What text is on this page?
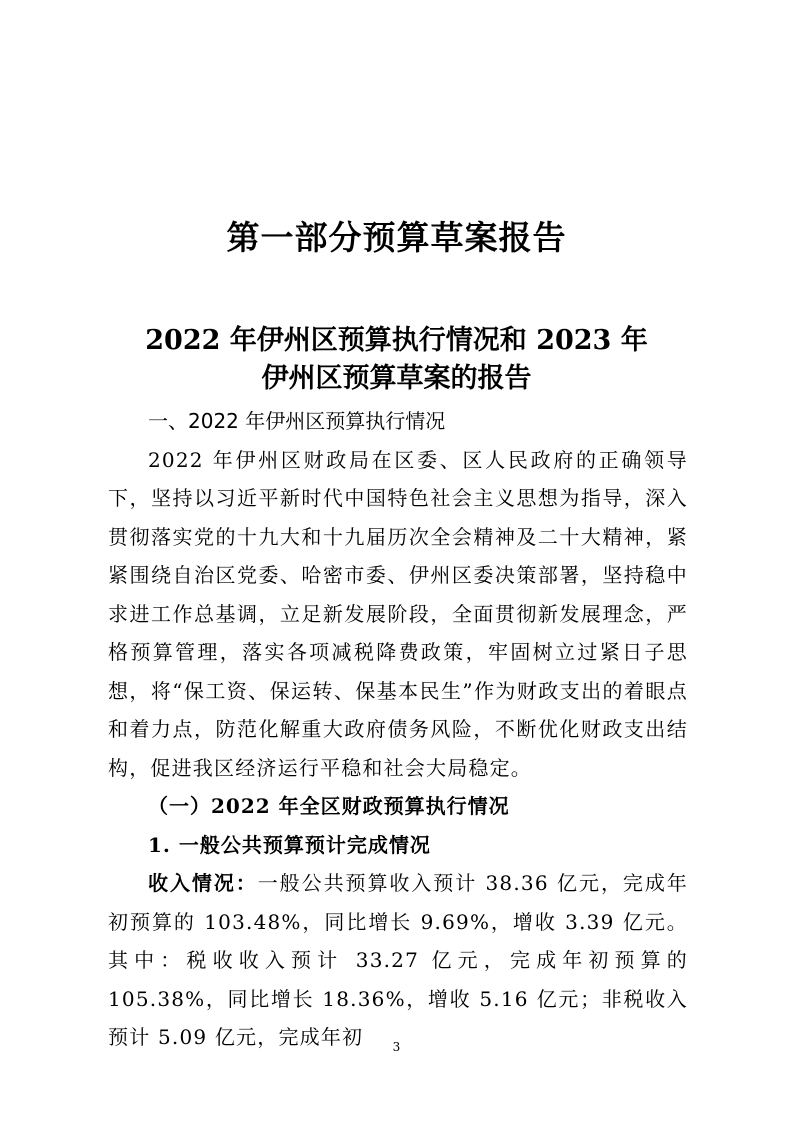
第一部分预算草案报告
2022 年伊州区预算执行情况和 2023 年
伊州区预算草案的报告
一、2022 年伊州区预算执行情况
2022 年伊州区财政局在区委、区人民政府的正确领导下，坚持以习近平新时代中国特色社会主义思想为指导，深入贯彻落实党的十九大和十九届历次全会精神及二十大精神，紧紧围绕自治区党委、哈密市委、伊州区委决策部署，坚持稳中求进工作总基调，立足新发展阶段，全面贯彻新发展理念，严格预算管理，落实各项减税降费政策，牢固树立过紧日子思想，将“保工资、保运转、保基本民生”作为财政支出的着眼点和着力点，防范化解重大政府债务风险，不断优化财政支出结构，促进我区经济运行平稳和社会大局稳定。
（一）2022 年全区财政预算执行情况
1. 一般公共预算预计完成情况
收入情况：一般公共预算收入预计 38.36 亿元，完成年初预算的 103.48%，同比增长 9.69%，增收 3.39 亿元。其中：税收收入预计 33.27 亿元，完成年初预算的 105.38%，同比增长 18.36%，增收 5.16 亿元；非税收入预计 5.09 亿元，完成年初	3
